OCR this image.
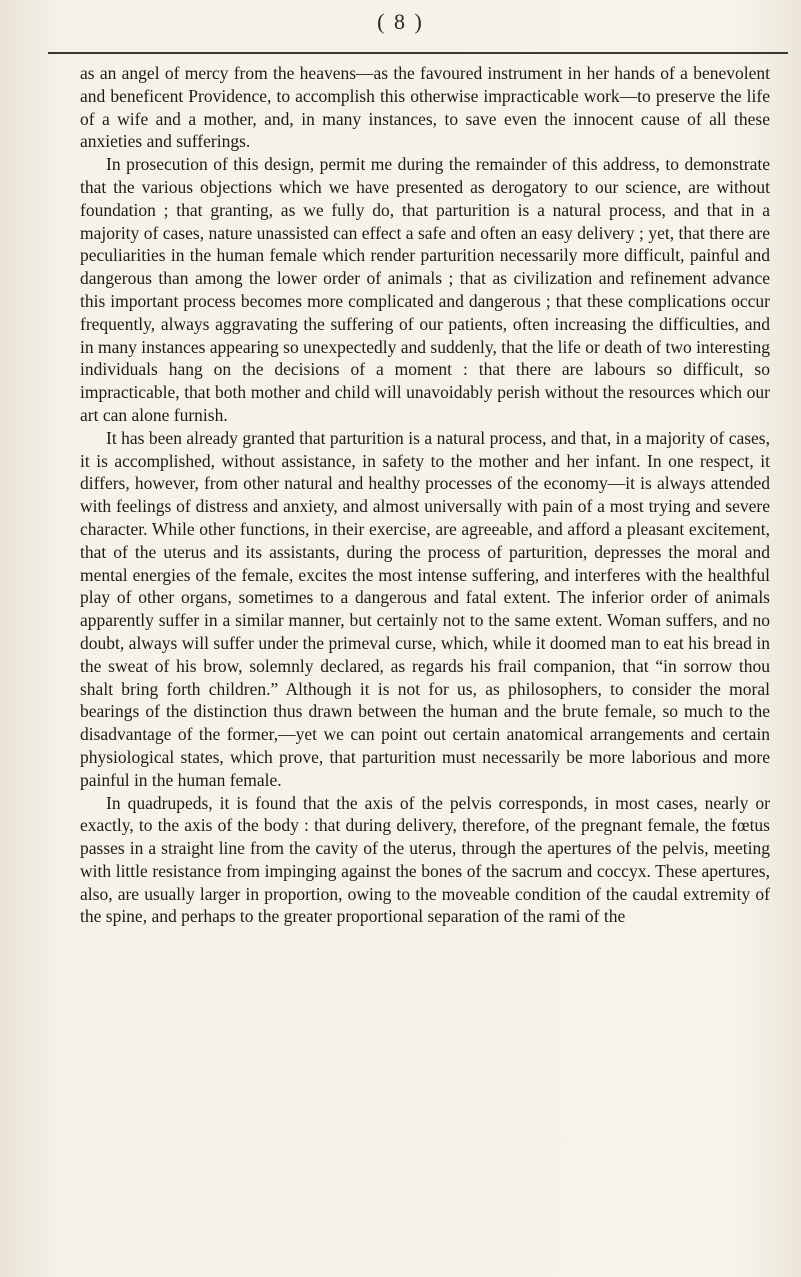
( 8 )

as an angel of mercy from the heavens—as the favoured instrument in her hands of a benevolent and beneficent Providence, to accomplish this otherwise impracticable work—to preserve the life of a wife and a mother, and, in many instances, to save even the innocent cause of all these anxieties and sufferings.

In prosecution of this design, permit me during the remainder of this address, to demonstrate that the various objections which we have presented as derogatory to our science, are without foundation ; that granting, as we fully do, that parturition is a natural process, and that in a majority of cases, nature unassisted can effect a safe and often an easy delivery ; yet, that there are peculiarities in the human female which render parturition necessarily more difficult, painful and dangerous than among the lower order of animals ; that as civilization and refinement advance this important process becomes more complicated and dangerous ; that these complications occur frequently, always aggravating the suffering of our patients, often increasing the difficulties, and in many instances appearing so unexpectedly and suddenly, that the life or death of two interesting individuals hang on the decisions of a moment : that there are labours so difficult, so impracticable, that both mother and child will unavoidably perish without the resources which our art can alone furnish.

It has been already granted that parturition is a natural process, and that, in a majority of cases, it is accomplished, without assistance, in safety to the mother and her infant. In one respect, it differs, however, from other natural and healthy processes of the economy—it is always attended with feelings of distress and anxiety, and almost universally with pain of a most trying and severe character. While other functions, in their exercise, are agreeable, and afford a pleasant excitement, that of the uterus and its assistants, during the process of parturition, depresses the moral and mental energies of the female, excites the most intense suffering, and interferes with the healthful play of other organs, sometimes to a dangerous and fatal extent. The inferior order of animals apparently suffer in a similar manner, but certainly not to the same extent. Woman suffers, and no doubt, always will suffer under the primeval curse, which, while it doomed man to eat his bread in the sweat of his brow, solemnly declared, as regards his frail companion, that “in sorrow thou shalt bring forth children.” Although it is not for us, as philosophers, to consider the moral bearings of the distinction thus drawn between the human and the brute female, so much to the disadvantage of the former,—yet we can point out certain anatomical arrangements and certain physiological states, which prove, that parturition must necessarily be more laborious and more painful in the human female.

In quadrupeds, it is found that the axis of the pelvis corresponds, in most cases, nearly or exactly, to the axis of the body : that during delivery, therefore, of the pregnant female, the fœtus passes in a straight line from the cavity of the uterus, through the apertures of the pelvis, meeting with little resistance from impinging against the bones of the sacrum and coccyx. These apertures, also, are usually larger in proportion, owing to the moveable condition of the caudal extremity of the spine, and perhaps to the greater proportional separation of the rami of the
